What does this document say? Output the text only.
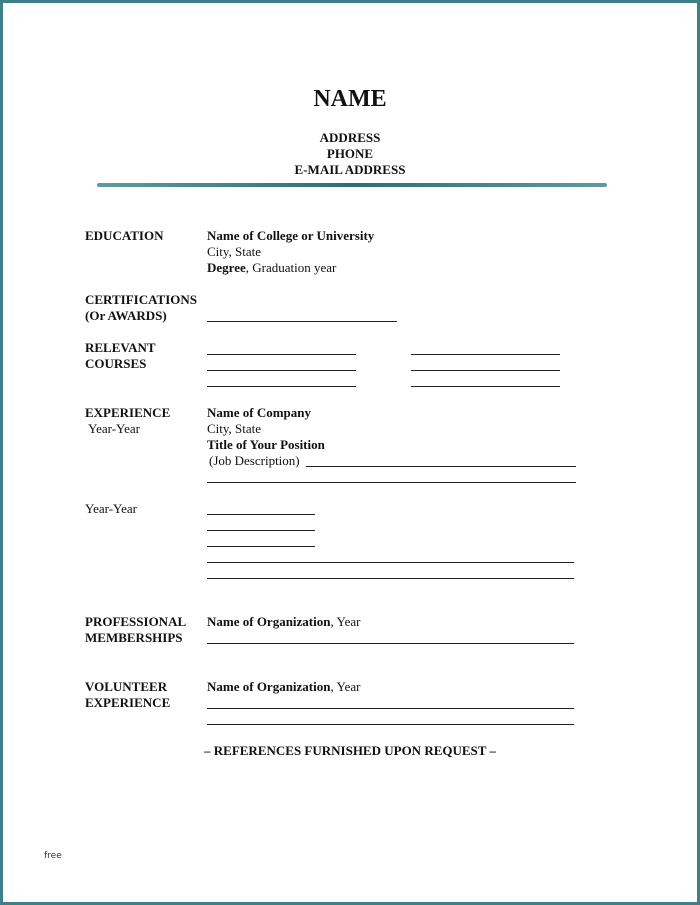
NAME
ADDRESS
PHONE
E-MAIL ADDRESS
EDUCATION	Name of College or University
City, State
Degree, Graduation year
CERTIFICATIONS
(Or AWARDS)
RELEVANT
COURSES
EXPERIENCE
Year-Year
Name of Company
City, State
Title of Your Position
(Job Description)
Year-Year
PROFESSIONAL
MEMBERSHIPS
Name of Organization, Year
VOLUNTEER
EXPERIENCE
Name of Organization, Year
– REFERENCES FURNISHED UPON REQUEST –
free
